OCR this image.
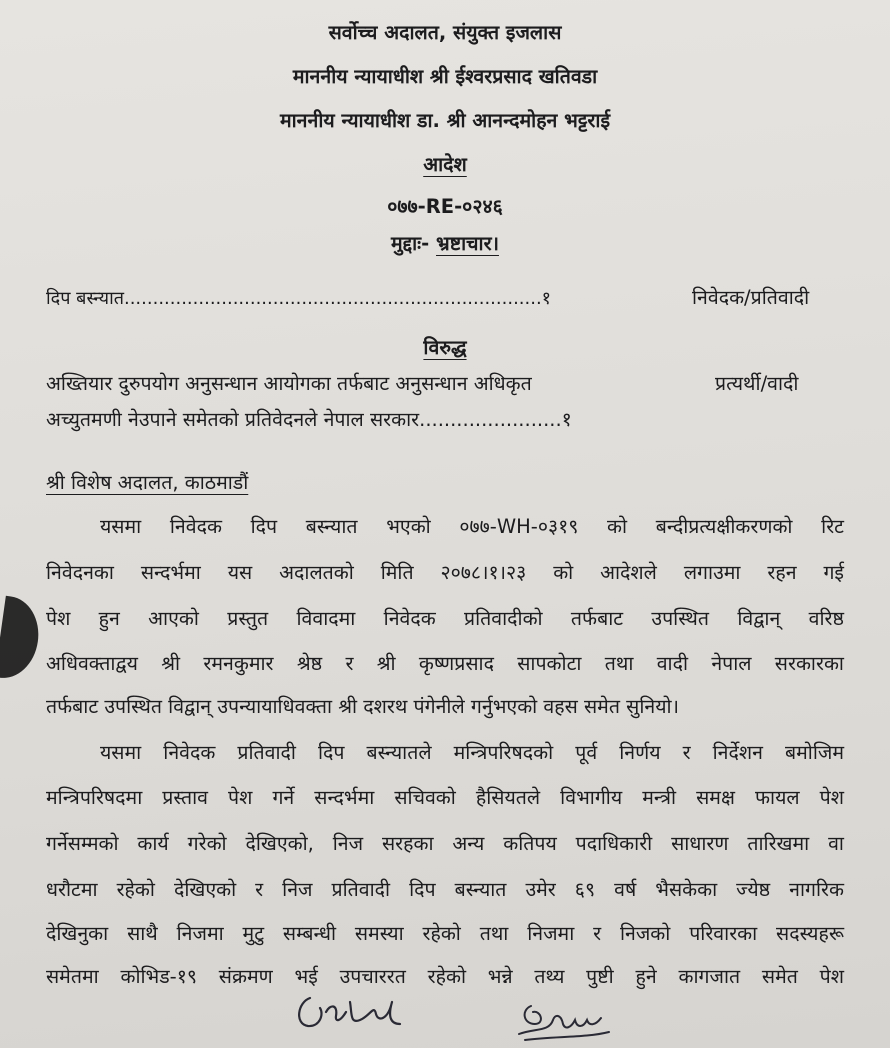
सर्वोच्च अदालत, संयुक्त इजलास
माननीय न्यायाधीश श्री ईश्वरप्रसाद खतिवडा
माननीय न्यायाधीश डा. श्री आनन्दमोहन भट्टराई
आदेश
०७७-RE-०२४६
मुद्दाः- भ्रष्टाचार।
दिप बस्न्यात.........................................................................१	निवेदक/प्रतिवादी
विरुद्ध
अख्तियार दुरुपयोग अनुसन्धान आयोगका तर्फबाट अनुसन्धान अधिकृत	प्रत्यर्थी/वादी
अच्युतमणी नेउपाने समेतको प्रतिवेदनले नेपाल सरकार.......................१
श्री विशेष अदालत, काठमाडौं
यसमा निवेदक दिप बस्न्यात भएको ०७७-WH-०३१९ को बन्दीप्रत्यक्षीकरणको रिट
निवेदनका सन्दर्भमा यस अदालतको मिति २०७८।१।२३ को आदेशले लगाउमा रहन गई
पेश हुन आएको प्रस्तुत विवादमा निवेदक प्रतिवादीको तर्फबाट उपस्थित विद्वान् वरिष्ठ
अधिवक्ताद्वय श्री रमनकुमार श्रेष्ठ र श्री कृष्णप्रसाद सापकोटा तथा वादी नेपाल सरकारका
तर्फबाट उपस्थित विद्वान् उपन्यायाधिवक्ता श्री दशरथ पंगेनीले गर्नुभएको वहस समेत सुनियो।
यसमा निवेदक प्रतिवादी दिप बस्न्यातले मन्त्रिपरिषदको पूर्व निर्णय र निर्देशन बमोजिम
मन्त्रिपरिषदमा प्रस्ताव पेश गर्ने सन्दर्भमा सचिवको हैसियतले विभागीय मन्त्री समक्ष फायल पेश
गर्नेसम्मको कार्य गरेको देखिएको, निज सरहका अन्य कतिपय पदाधिकारी साधारण तारिखमा वा
धरौटमा रहेको देखिएको र निज प्रतिवादी दिप बस्न्यात उमेर ६९ वर्ष भैसकेका ज्येष्ठ नागरिक
देखिनुका साथै निजमा मुटु सम्बन्धी समस्या रहेको तथा निजमा र निजको परिवारका सदस्यहरू
समेतमा कोभिड-१९ संक्रमण भई उपचाररत रहेको भन्ने तथ्य पुष्टी हुने कागजात समेत पेश
